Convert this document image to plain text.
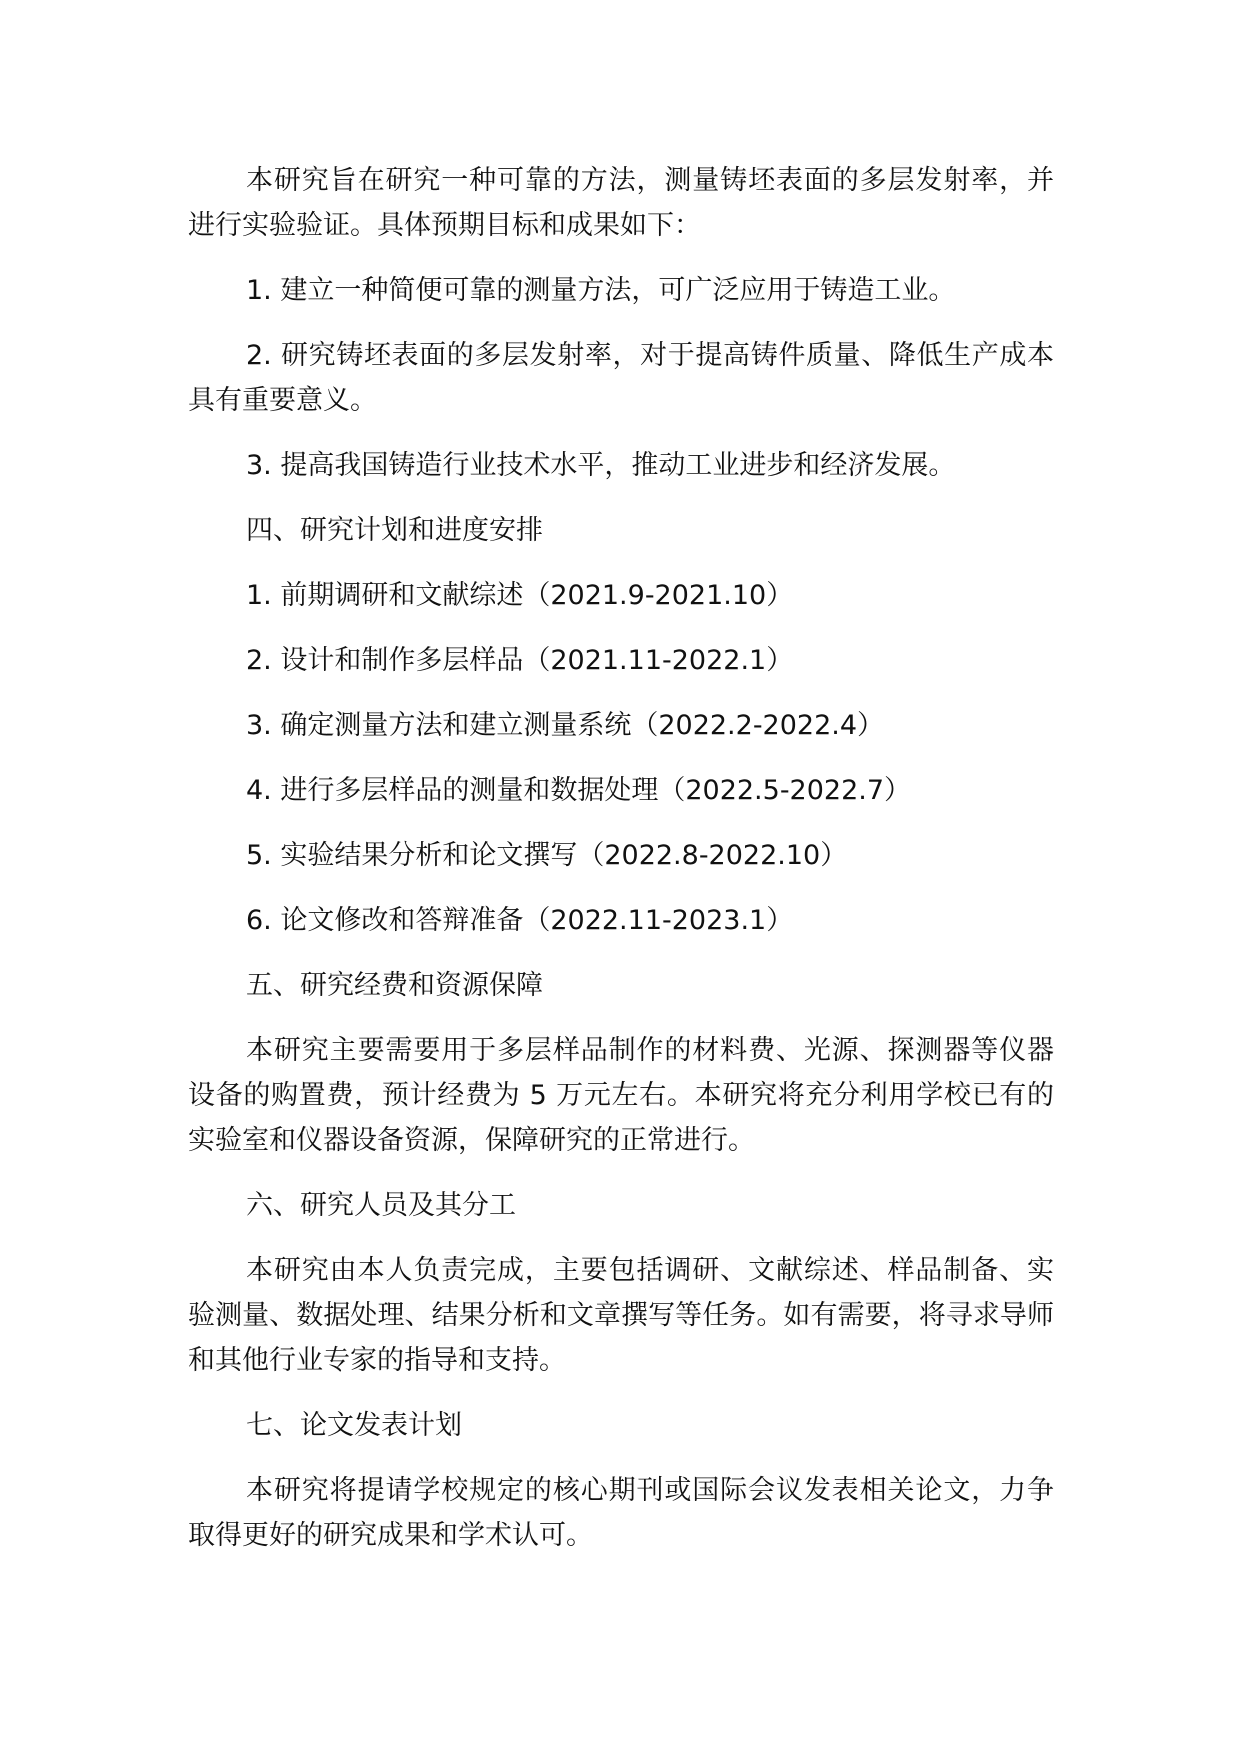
本研究旨在研究一种可靠的方法，测量铸坯表面的多层发射率，并进行实验验证。具体预期目标和成果如下：

1. 建立一种简便可靠的测量方法，可广泛应用于铸造工业。

2. 研究铸坯表面的多层发射率，对于提高铸件质量、降低生产成本具有重要意义。

3. 提高我国铸造行业技术水平，推动工业进步和经济发展。

四、研究计划和进度安排

1. 前期调研和文献综述（2021.9-2021.10）

2. 设计和制作多层样品（2021.11-2022.1）

3. 确定测量方法和建立测量系统（2022.2-2022.4）

4. 进行多层样品的测量和数据处理（2022.5-2022.7）

5. 实验结果分析和论文撰写（2022.8-2022.10）

6. 论文修改和答辩准备（2022.11-2023.1）

五、研究经费和资源保障

本研究主要需要用于多层样品制作的材料费、光源、探测器等仪器设备的购置费，预计经费为 5 万元左右。本研究将充分利用学校已有的实验室和仪器设备资源，保障研究的正常进行。

六、研究人员及其分工

本研究由本人负责完成，主要包括调研、文献综述、样品制备、实验测量、数据处理、结果分析和文章撰写等任务。如有需要，将寻求导师和其他行业专家的指导和支持。

七、论文发表计划

本研究将提请学校规定的核心期刊或国际会议发表相关论文，力争取得更好的研究成果和学术认可。
